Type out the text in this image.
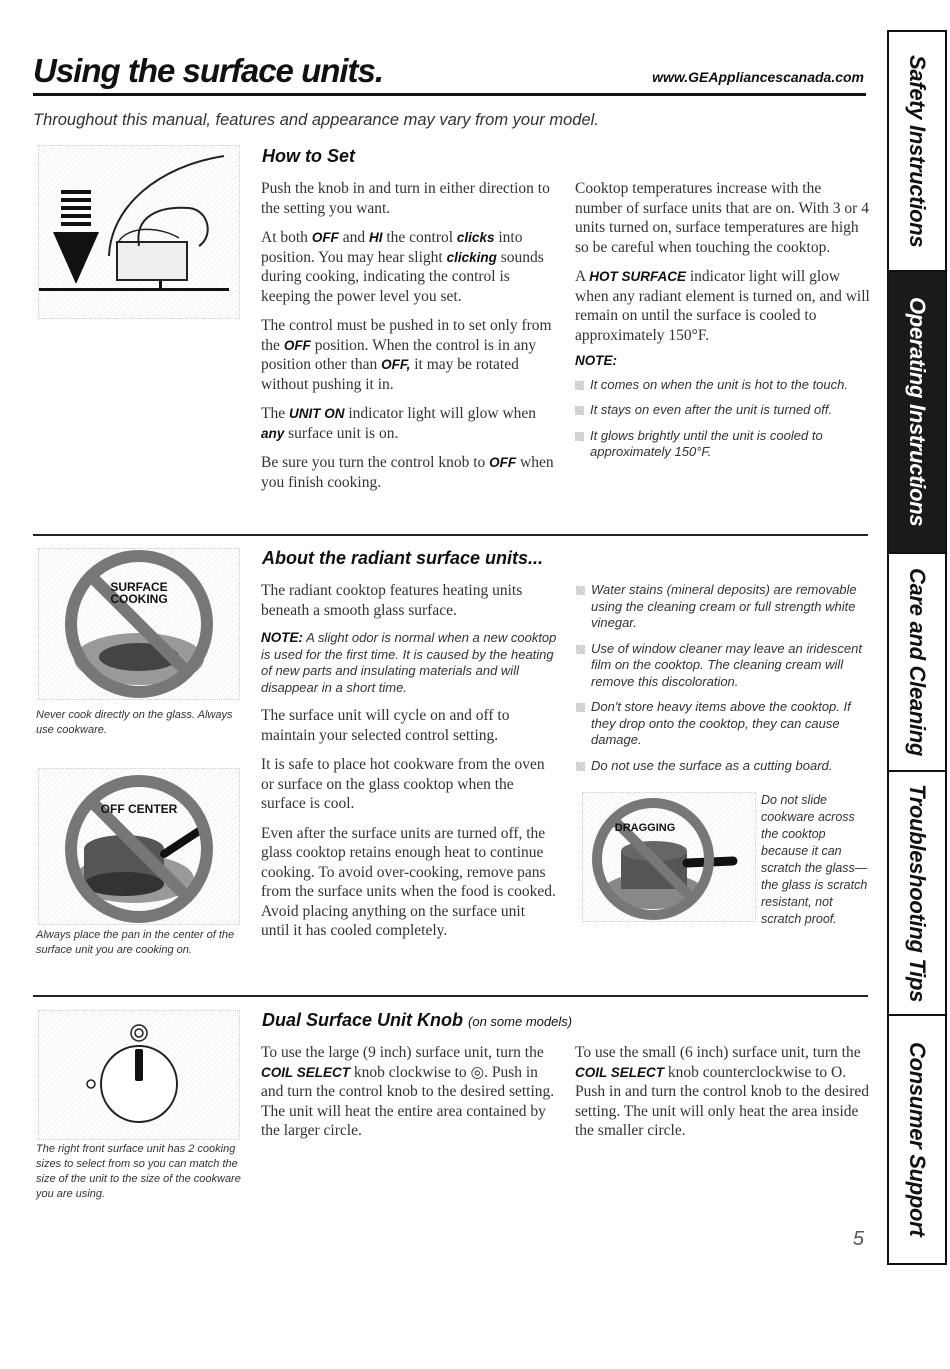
Using the surface units.	www.GEAppliancescanada.com
Throughout this manual, features and appearance may vary from your model.
How to Set

Push the knob in and turn in either direction to the setting you want.

At both OFF and HI the control clicks into position. You may hear slight clicking sounds during cooking, indicating the control is keeping the power level you set.

The control must be pushed in to set only from the OFF position. When the control is in any position other than OFF, it may be rotated without pushing it in.

The UNIT ON indicator light will glow when any surface unit is on.

Be sure you turn the control knob to OFF when you finish cooking.

Cooktop temperatures increase with the number of surface units that are on. With 3 or 4 units turned on, surface temperatures are high so be careful when touching the cooktop.

A HOT SURFACE indicator light will glow when any radiant element is turned on, and will remain on until the surface is cooled to approximately 150°F.

NOTE:
It comes on when the unit is hot to the touch.
It stays on even after the unit is turned off.
It glows brightly until the unit is cooled to approximately 150°F.
SURFACE
COOKING
Never cook directly on the glass. Always use cookware.
OFF CENTER
Always place the pan in the center of the surface unit you are cooking on.
About the radiant surface units...

The radiant cooktop features heating units beneath a smooth glass surface.

NOTE: A slight odor is normal when a new cooktop is used for the first time. It is caused by the heating of new parts and insulating materials and will disappear in a short time.

The surface unit will cycle on and off to maintain your selected control setting.

It is safe to place hot cookware from the oven or surface on the glass cooktop when the surface is cool.

Even after the surface units are turned off, the glass cooktop retains enough heat to continue cooking. To avoid over-cooking, remove pans from the surface units when the food is cooked. Avoid placing anything on the surface unit until it has cooled completely.

Water stains (mineral deposits) are removable using the cleaning cream or full strength white vinegar.
Use of window cleaner may leave an iridescent film on the cooktop. The cleaning cream will remove this discoloration.
Don't store heavy items above the cooktop. If they drop onto the cooktop, they can cause damage.
Do not use the surface as a cutting board.
DRAGGING
Do not slide cookware across the cooktop because it can scratch the glass—the glass is scratch resistant, not scratch proof.
The right front surface unit has 2 cooking sizes to select from so you can match the size of the unit to the size of the cookware you are using.
Dual Surface Unit Knob (on some models)

To use the large (9 inch) surface unit, turn the COIL SELECT knob clockwise to ◎. Push in and turn the control knob to the desired setting. The unit will heat the entire area contained by the larger circle.

To use the small (6 inch) surface unit, turn the COIL SELECT knob counterclockwise to O. Push in and turn the control knob to the desired setting. The unit will only heat the area inside the smaller circle.

Safety Instructions
Operating Instructions
Care and Cleaning
Troubleshooting Tips
Consumer Support
5
